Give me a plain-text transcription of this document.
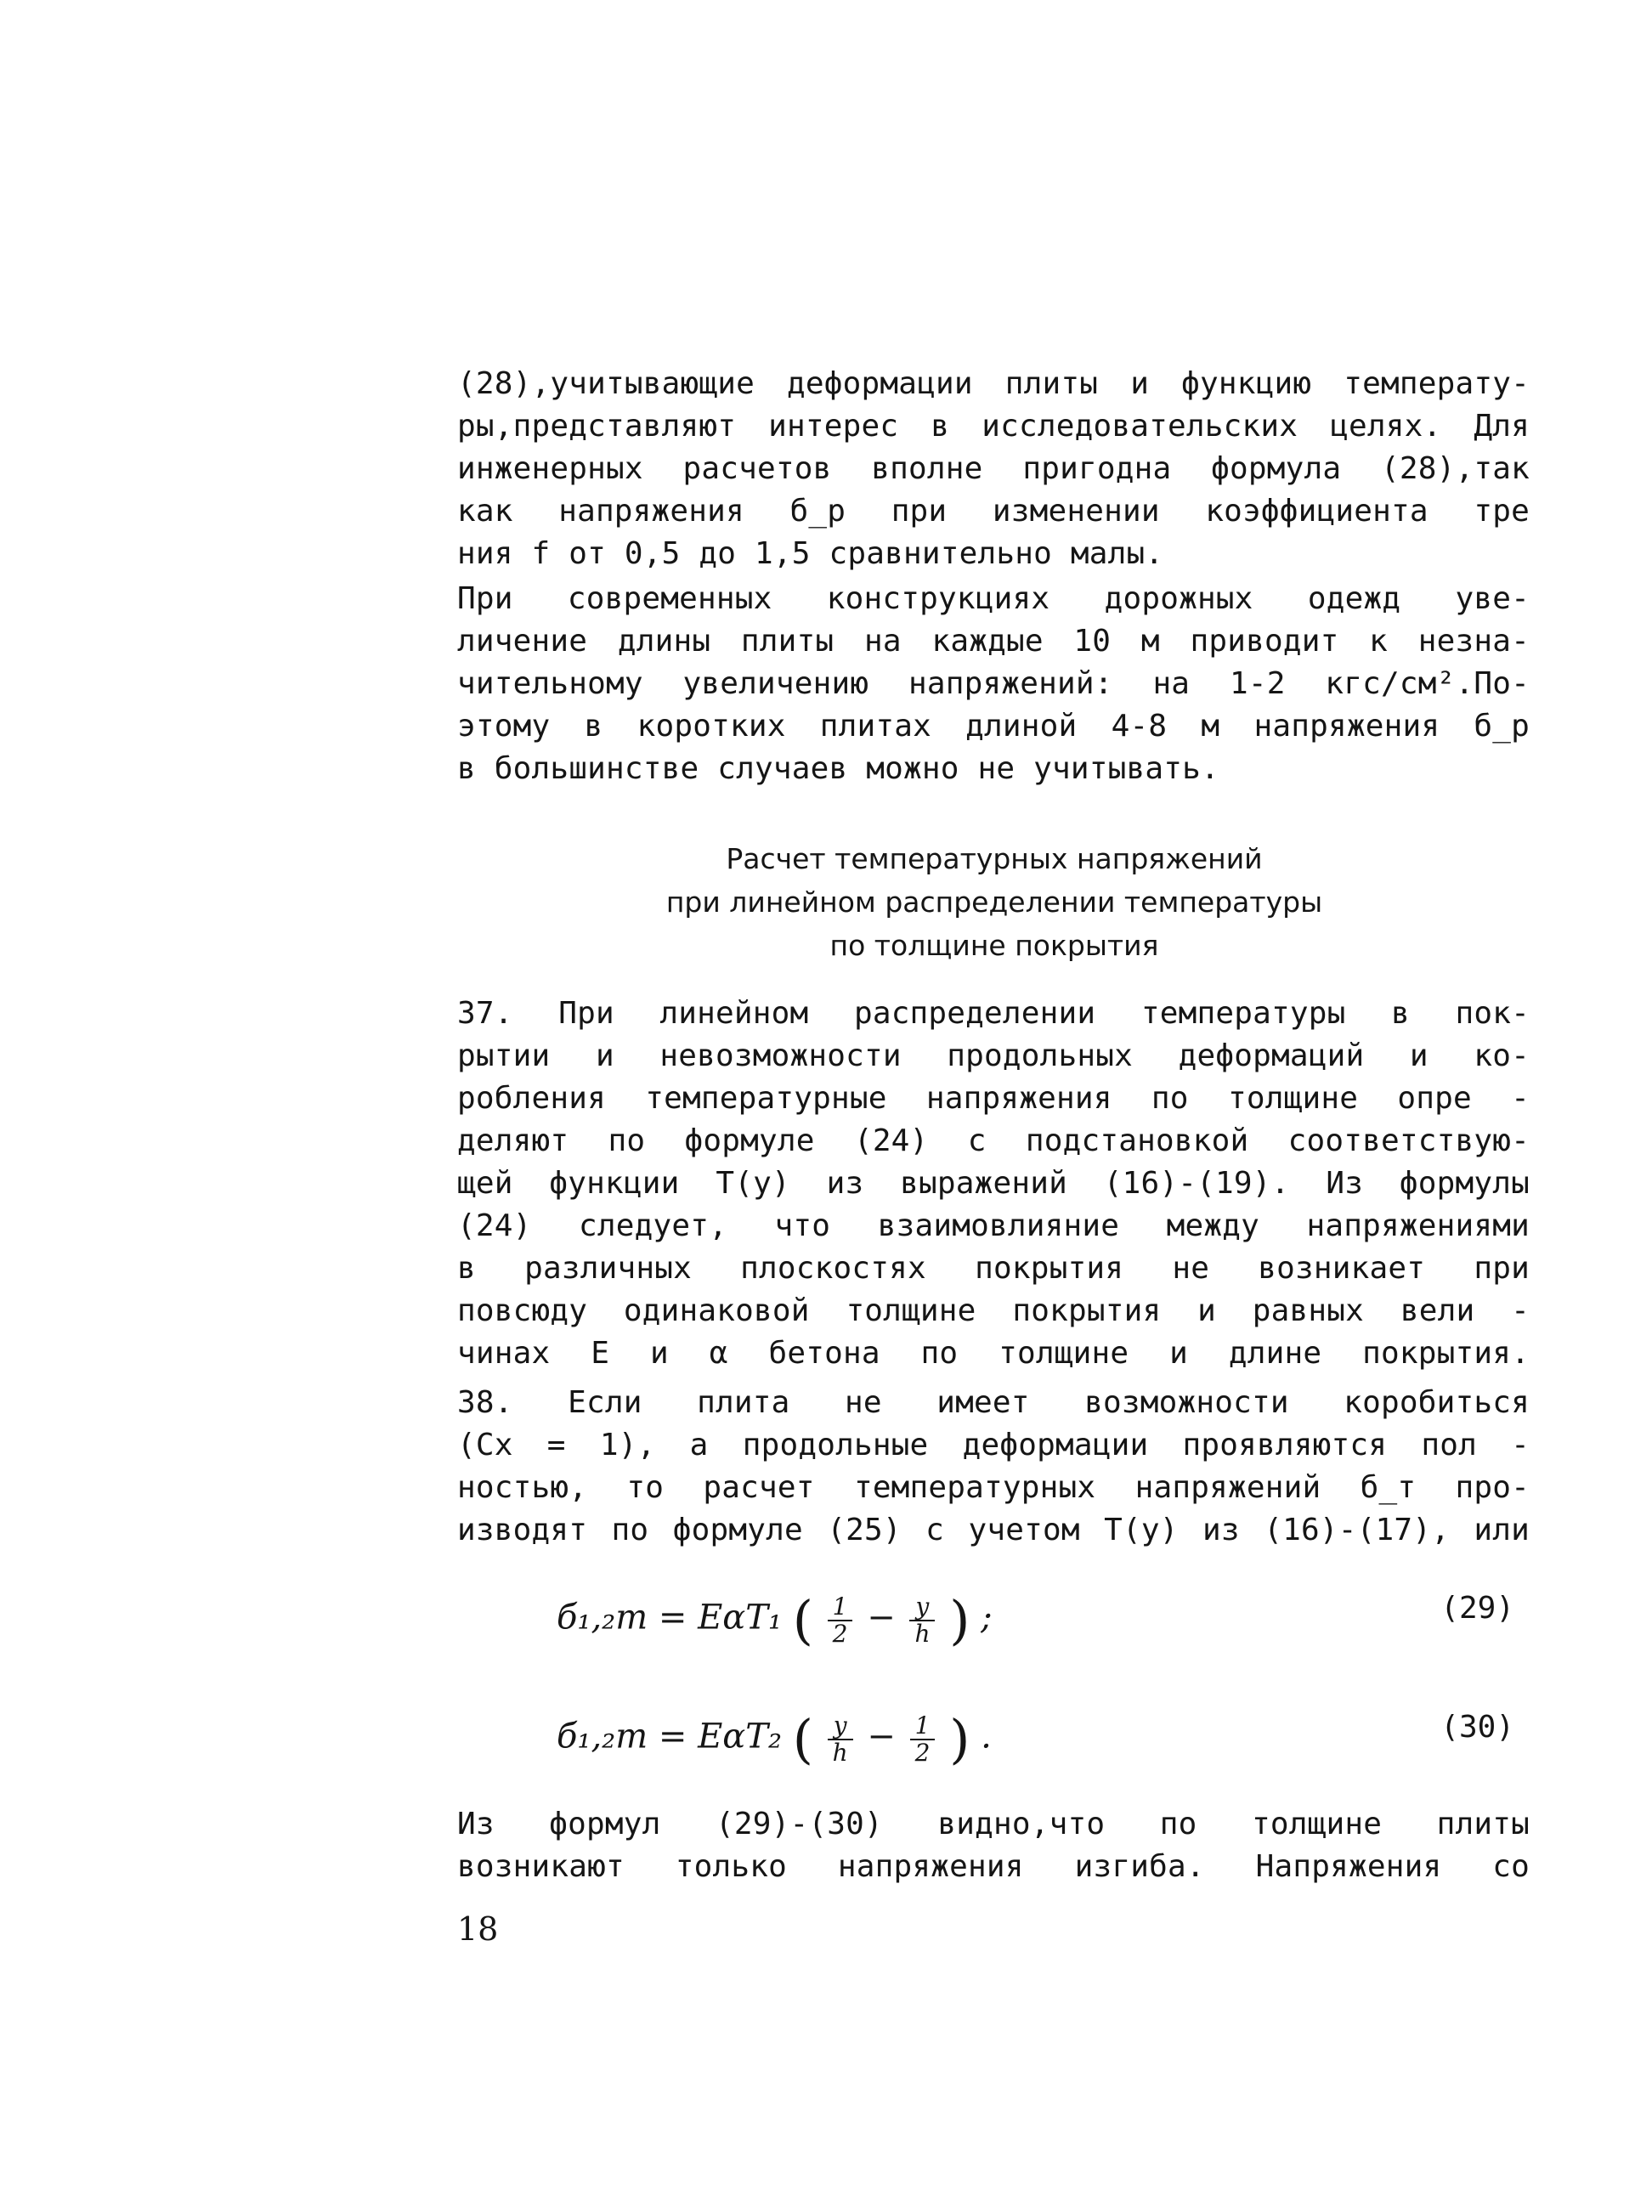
(28),учитывающие деформации плиты и функцию температу-
ры,представляют интерес в исследовательских целях. Для
инженерных расчетов вполне пригодна формула (28),так
как напряжения б_р при изменении коэффициента тре
ния f от 0,5 до 1,5 сравнительно малы.
При современных конструкциях дорожных одежд уве-
личение длины плиты на каждые 10 м приводит к незна-
чительному увеличению напряжений: на 1-2 кгс/см².По-
этому в коротких плитах длиной 4-8 м напряжения б_р
в большинстве случаев можно не учитывать.
Расчет температурных напряжений
при линейном распределении температуры
по толщине покрытия
37. При линейном распределении температуры в пок-
рытии и невозможности продольных деформаций и ко-
робления температурные напряжения по толщине опре -
деляют по формуле (24) с подстановкой соответствую-
щей функции T(y) из выражений (16)-(19). Из формулы
(24) следует, что взаимовлияние между напряжениями
в различных плоскостях покрытия не возникает при
повсюду одинаковой толщине покрытия и равных вели -
чинах E и α бетона по толщине и длине покрытия.
38. Если плита не имеет возможности коробиться
(Cx = 1), а продольные деформации проявляются пол -
ностью, то расчет температурных напряжений б_т про-
изводят по формуле (25) с учетом T(y) из (16)-(17), или
б₁,₂т = EαT₁ ( $\frac{1}{2} - \frac{y}{h}$ ) ;	(29)
б₁,₂т = EαT₂ ( $\frac{y}{h} - \frac{1}{2}$ ) .	(30)
Из формул (29)-(30) видно,что по толщине плиты
возникают только напряжения изгиба. Напряжения со
18
